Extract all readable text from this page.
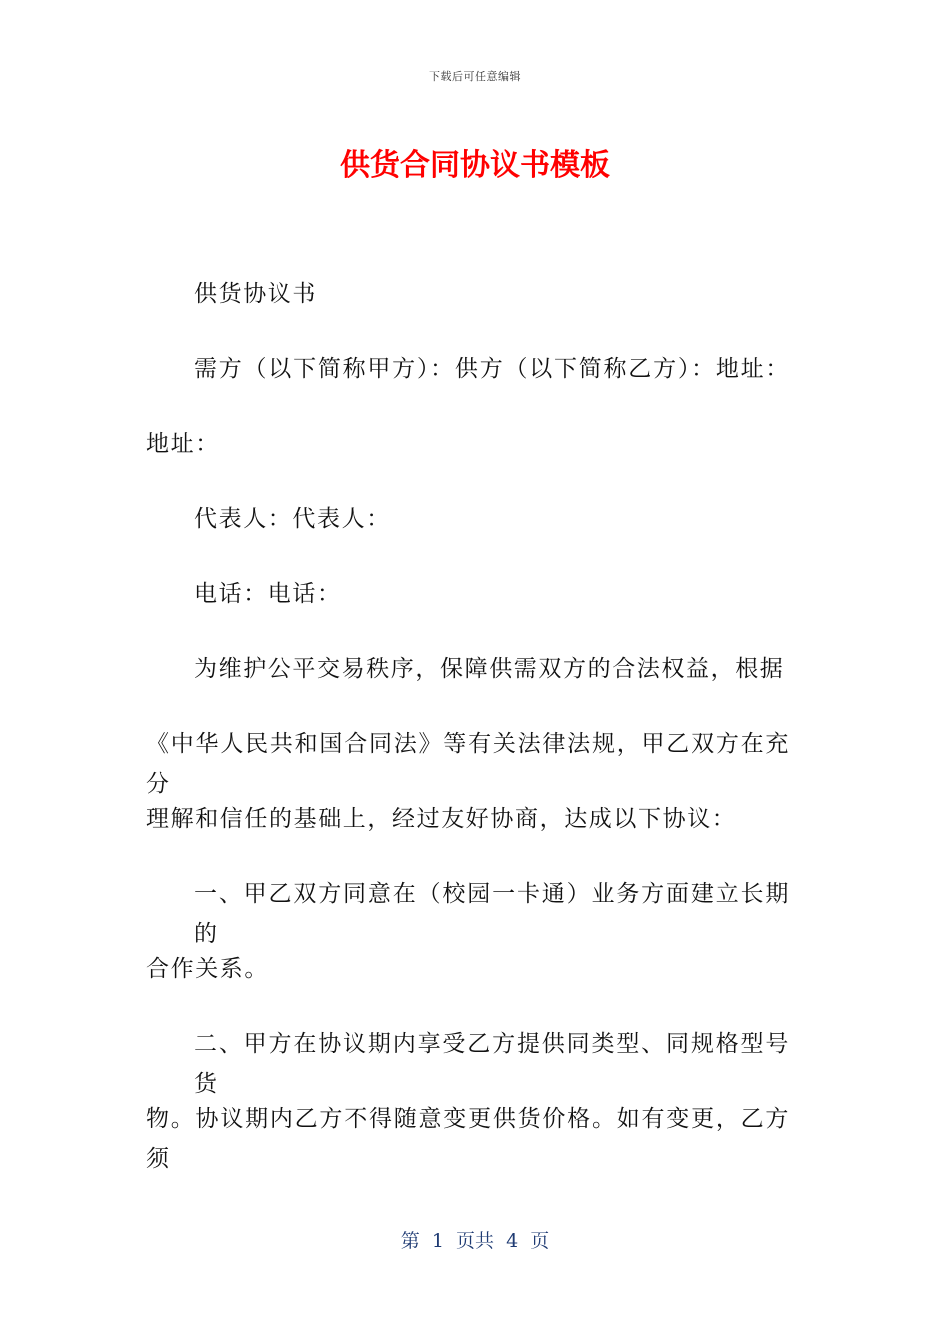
下载后可任意编辑
供货合同协议书模板
供货协议书
需方（以下简称甲方）：供方（以下简称乙方）：地址：
地址：
代表人：代表人：
电话：电话：
为维护公平交易秩序，保障供需双方的合法权益，根据
《中华人民共和国合同法》等有关法律法规，甲乙双方在充分
理解和信任的基础上，经过友好协商，达成以下协议：
一、甲乙双方同意在（校园一卡通）业务方面建立长期的
合作关系。
二、甲方在协议期内享受乙方提供同类型、同规格型号货
物。协议期内乙方不得随意变更供货价格。如有变更，乙方须
第  1  页共  4  页
